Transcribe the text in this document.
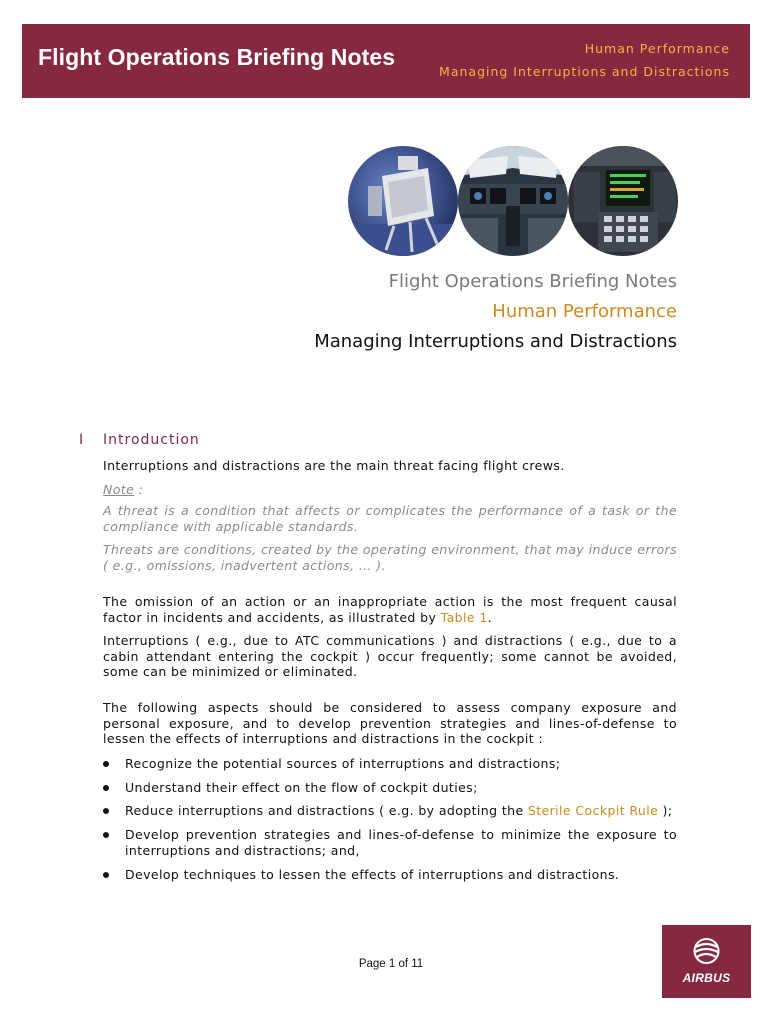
Flight Operations Briefing Notes	Human Performance
Managing Interruptions and Distractions
Flight Operations Briefing Notes
Human Performance
Managing Interruptions and Distractions
I Introduction
Interruptions and distractions are the main threat facing flight crews.
Note :
A threat is a condition that affects or complicates the performance of a task or the compliance with applicable standards.
Threats are conditions, created by the operating environment, that may induce errors ( e.g., omissions, inadvertent actions, ... ).
The omission of an action or an inappropriate action is the most frequent causal factor in incidents and accidents, as illustrated by Table 1.
Interruptions ( e.g., due to ATC communications ) and distractions ( e.g., due to a cabin attendant entering the cockpit ) occur frequently; some cannot be avoided, some can be minimized or eliminated.
The following aspects should be considered to assess company exposure and personal exposure, and to develop prevention strategies and lines-of-defense to lessen the effects of interruptions and distractions in the cockpit :
Recognize the potential sources of interruptions and distractions;
Understand their effect on the flow of cockpit duties;
Reduce interruptions and distractions ( e.g. by adopting the Sterile Cockpit Rule );
Develop prevention strategies and lines-of-defense to minimize the exposure to interruptions and distractions; and,
Develop techniques to lessen the effects of interruptions and distractions.
Page 1 of 11
AIRBUS
